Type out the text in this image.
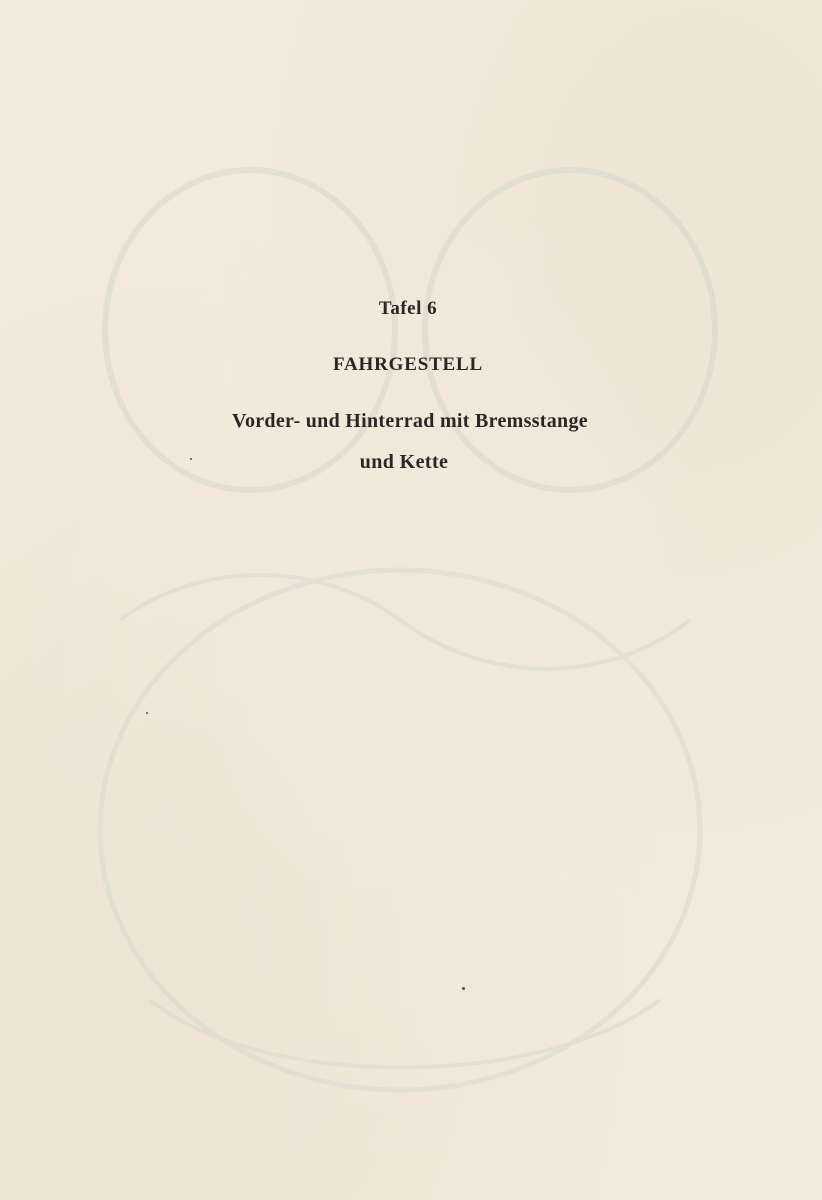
Tafel 6
FAHRGESTELL
Vorder- und Hinterrad mit Bremsstange
und Kette
